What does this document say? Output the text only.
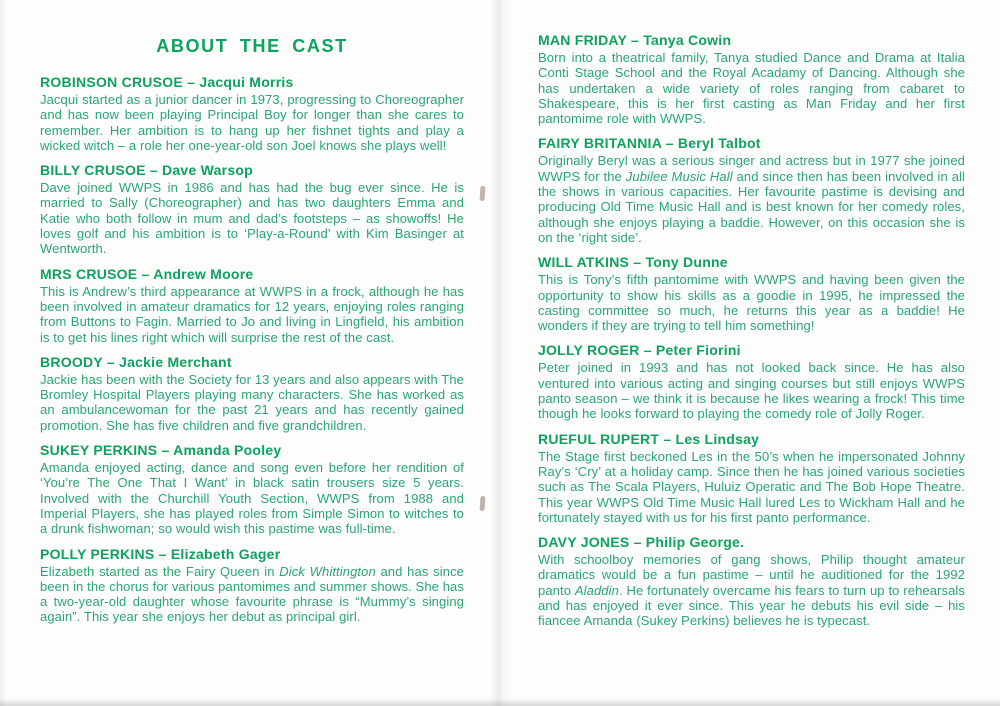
ABOUT THE CAST
ROBINSON CRUSOE – Jacqui Morris

Jacqui started as a junior dancer in 1973, progressing to Choreographer and has now been playing Principal Boy for longer than she cares to remember. Her ambition is to hang up her fishnet tights and play a wicked witch – a role her one-year-old son Joel knows she plays well!

BILLY CRUSOE – Dave Warsop

Dave joined WWPS in 1986 and has had the bug ever since. He is married to Sally (Choreographer) and has two daughters Emma and Katie who both follow in mum and dad’s footsteps – as showoffs! He loves golf and his ambition is to ‘Play-a-Round’ with Kim Basinger at Wentworth.

MRS CRUSOE – Andrew Moore

This is Andrew’s third appearance at WWPS in a frock, although he has been involved in amateur dramatics for 12 years, enjoying roles ranging from Buttons to Fagin. Married to Jo and living in Lingfield, his ambition is to get his lines right which will surprise the rest of the cast.

BROODY – Jackie Merchant

Jackie has been with the Society for 13 years and also appears with The Bromley Hospital Players playing many characters. She has worked as an ambulancewoman for the past 21 years and has recently gained promotion. She has five children and five grandchildren.

SUKEY PERKINS – Amanda Pooley

Amanda enjoyed acting, dance and song even before her rendition of ‘You’re The One That I Want’ in black satin trousers size 5 years. Involved with the Churchill Youth Section, WWPS from 1988 and Imperial Players, she has played roles from Simple Simon to witches to a drunk fishwoman; so would wish this pastime was full-time.

POLLY PERKINS – Elizabeth Gager

Elizabeth started as the Fairy Queen in Dick Whittington and has since been in the chorus for various pantomimes and summer shows. She has a two-year-old daughter whose favourite phrase is “Mummy’s singing again”. This year she enjoys her debut as principal girl.

MAN FRIDAY – Tanya Cowin

Born into a theatrical family, Tanya studied Dance and Drama at Italia Conti Stage School and the Royal Acadamy of Dancing. Although she has undertaken a wide variety of roles ranging from cabaret to Shakespeare, this is her first casting as Man Friday and her first pantomime role with WWPS.

FAIRY BRITANNIA – Beryl Talbot

Originally Beryl was a serious singer and actress but in 1977 she joined WWPS for the Jubilee Music Hall and since then has been involved in all the shows in various capacities. Her favourite pastime is devising and producing Old Time Music Hall and is best known for her comedy roles, although she enjoys playing a baddie. However, on this occasion she is on the ‘right side’.

WILL ATKINS – Tony Dunne

This is Tony’s fifth pantomime with WWPS and having been given the opportunity to show his skills as a goodie in 1995, he impressed the casting committee so much, he returns this year as a baddie! He wonders if they are trying to tell him something!

JOLLY ROGER – Peter Fiorini

Peter joined in 1993 and has not looked back since. He has also ventured into various acting and singing courses but still enjoys WWPS panto season – we think it is because he likes wearing a frock! This time though he looks forward to playing the comedy role of Jolly Roger.

RUEFUL RUPERT – Les Lindsay

The Stage first beckoned Les in the 50’s when he impersonated Johnny Ray’s ‘Cry’ at a holiday camp. Since then he has joined various societies such as The Scala Players, Huluiz Operatic and The Bob Hope Theatre. This year WWPS Old Time Music Hall lured Les to Wickham Hall and he fortunately stayed with us for his first panto performance.

DAVY JONES – Philip George.

With schoolboy memories of gang shows, Philip thought amateur dramatics would be a fun pastime – until he auditioned for the 1992 panto Aladdin. He fortunately overcame his fears to turn up to rehearsals and has enjoyed it ever since. This year he debuts his evil side – his fiancee Amanda (Sukey Perkins) believes he is typecast.
